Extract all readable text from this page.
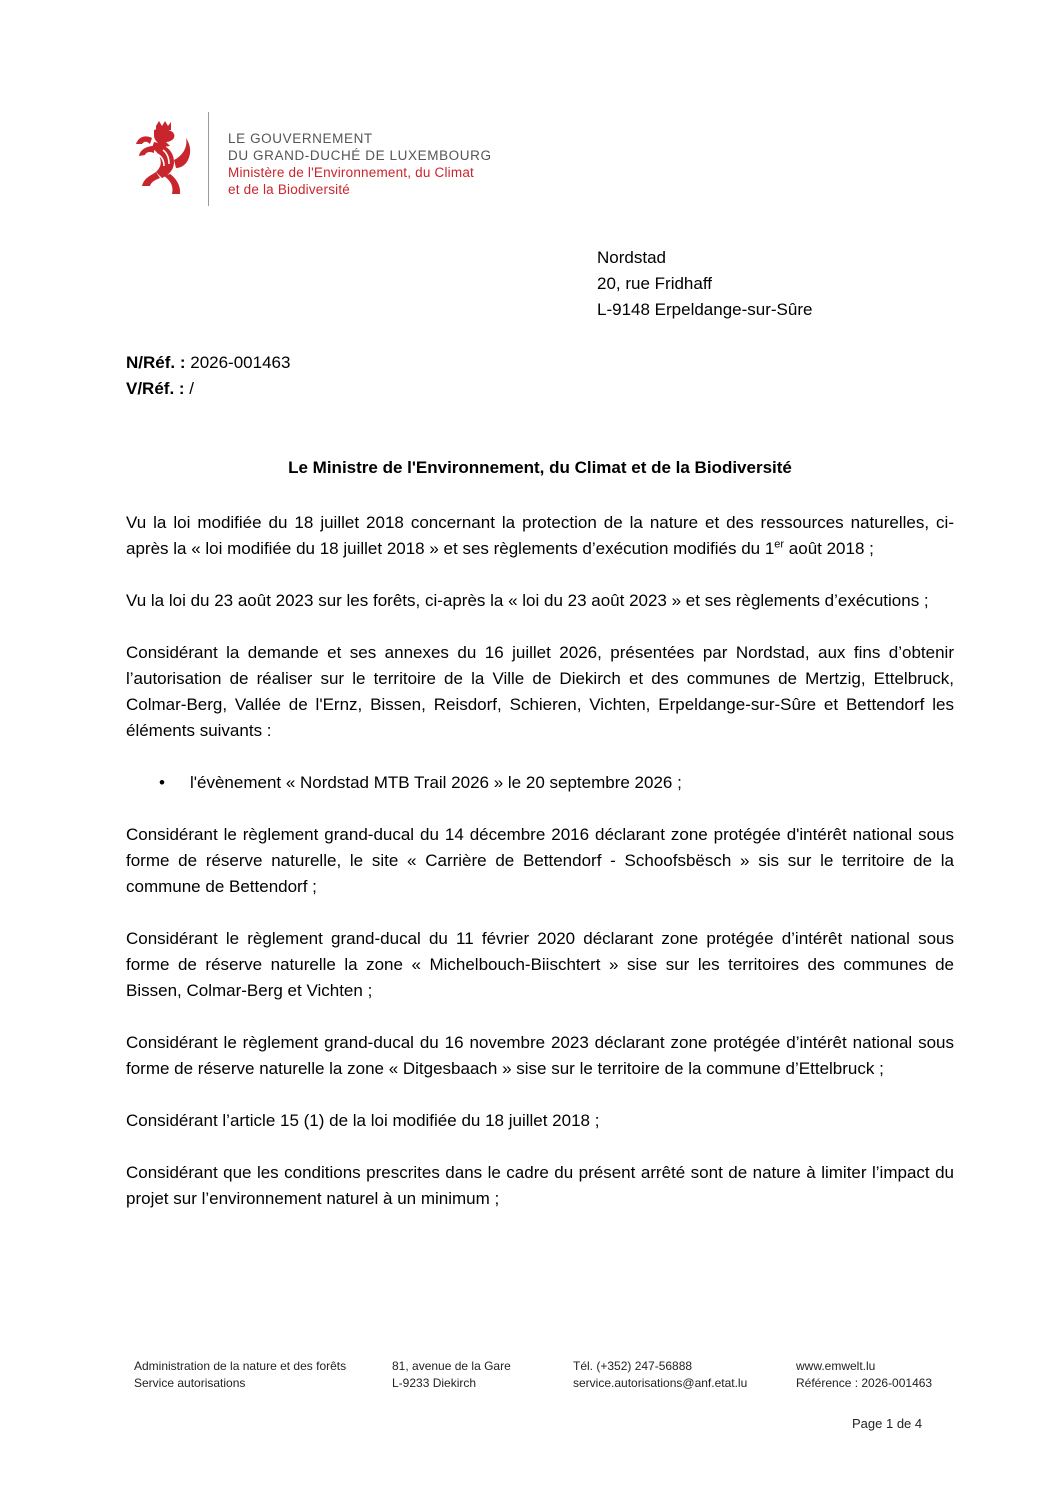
LE GOUVERNEMENT
DU GRAND-DUCHÉ DE LUXEMBOURG
Ministère de l'Environnement, du Climat
et de la Biodiversité
Nordstad
20, rue Fridhaff
L-9148 Erpeldange-sur-Sûre
N/Réf. : 2026-001463
V/Réf. : /
Le Ministre de l'Environnement, du Climat et de la Biodiversité

Vu la loi modifiée du 18 juillet 2018 concernant la protection de la nature et des ressources naturelles, ci-après la « loi modifiée du 18 juillet 2018 » et ses règlements d’exécution modifiés du 1er août 2018 ;

Vu la loi du 23 août 2023 sur les forêts, ci-après la « loi du 23 août 2023 » et ses règlements d’exécutions ;

Considérant la demande et ses annexes du 16 juillet 2026, présentées par Nordstad, aux fins d’obtenir l’autorisation de réaliser sur le territoire de la Ville de Diekirch et des communes de Mertzig, Ettelbruck, Colmar-Berg, Vallée de l'Ernz, Bissen, Reisdorf, Schieren, Vichten, Erpeldange-sur-Sûre et Bettendorf les éléments suivants :

• l'évènement « Nordstad MTB Trail 2026 » le 20 septembre 2026 ;

Considérant le règlement grand-ducal du 14 décembre 2016 déclarant zone protégée d'intérêt national sous forme de réserve naturelle, le site « Carrière de Bettendorf - Schoofsbësch » sis sur le territoire de la commune de Bettendorf ;

Considérant le règlement grand-ducal du 11 février 2020 déclarant zone protégée d’intérêt national sous forme de réserve naturelle la zone « Michelbouch-Biischtert » sise sur les territoires des communes de Bissen, Colmar-Berg et Vichten ;

Considérant le règlement grand-ducal du 16 novembre 2023 déclarant zone protégée d’intérêt national sous forme de réserve naturelle la zone « Ditgesbaach » sise sur le territoire de la commune d’Ettelbruck ;

Considérant l’article 15 (1) de la loi modifiée du 18 juillet 2018 ;

Considérant que les conditions prescrites dans le cadre du présent arrêté sont de nature à limiter l’impact du projet sur l’environnement naturel à un minimum ;

Administration de la nature et des forêts
Service autorisations
81, avenue de la Gare
L-9233 Diekirch
Tél. (+352) 247-56888
service.autorisations@anf.etat.lu
www.emwelt.lu
Référence : 2026-001463
Page 1 de 4
